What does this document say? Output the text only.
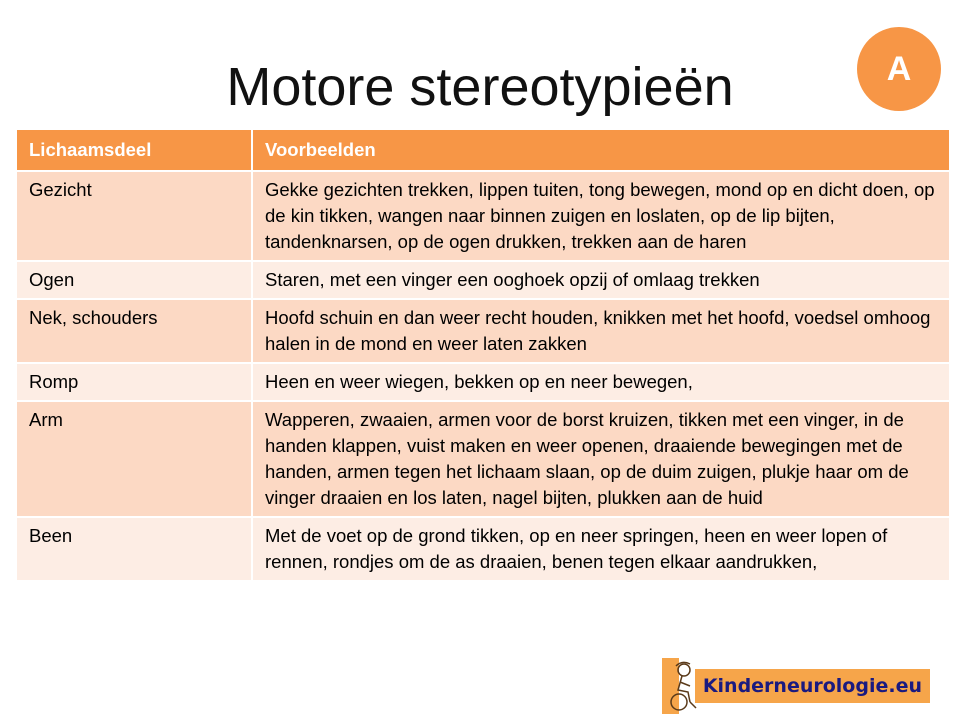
Motore stereotypieën	A
Lichaamsdeel	Voorbeelden
Gezicht	Gekke gezichten trekken, lippen tuiten, tong bewegen, mond op en dicht doen, op de kin tikken, wangen naar binnen zuigen en loslaten, op de lip bijten, tandenknarsen, op de ogen drukken, trekken aan de haren
Ogen	Staren, met een vinger een ooghoek opzij of omlaag trekken
Nek, schouders	Hoofd schuin en dan weer recht houden, knikken met het hoofd, voedsel omhoog halen in de mond en weer laten zakken
Romp	Heen en weer wiegen, bekken op en neer bewegen,
Arm	Wapperen, zwaaien, armen voor de borst kruizen, tikken met een vinger, in de handen klappen, vuist maken en weer openen, draaiende bewegingen met de handen, armen tegen het lichaam slaan, op de duim zuigen, plukje haar om de vinger draaien en los laten, nagel bijten, plukken aan de huid
Been	Met de voet op de grond tikken, op en neer springen, heen en weer lopen of rennen, rondjes om de as draaien, benen tegen elkaar aandrukken,
Kinderneurologie.eu
